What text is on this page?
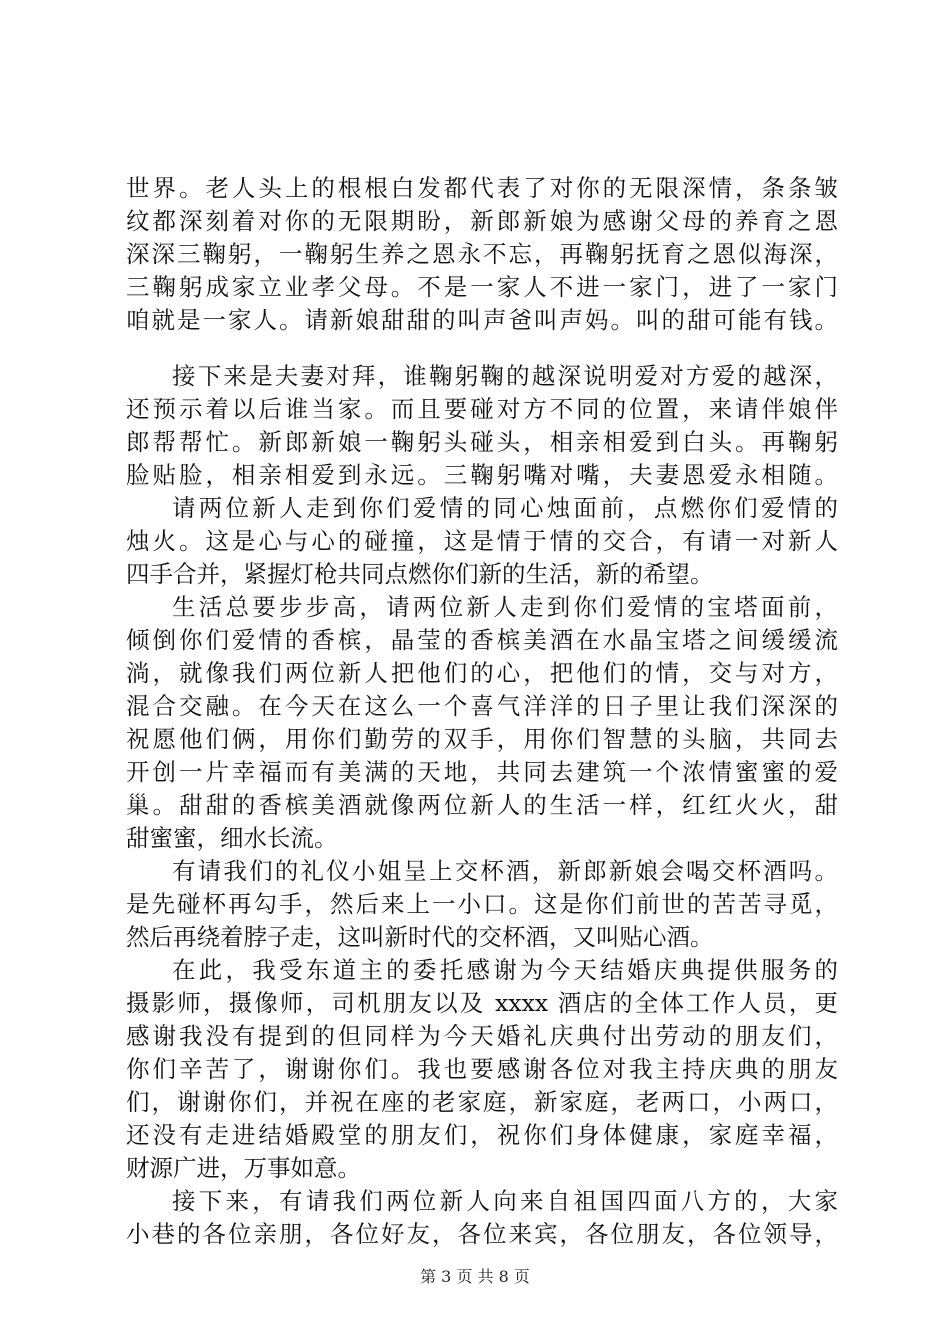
世界。老人头上的根根白发都代表了对你的无限深情，条条皱
纹都深刻着对你的无限期盼，新郎新娘为感谢父母的养育之恩
深深三鞠躬，一鞠躬生养之恩永不忘，再鞠躬抚育之恩似海深，
三鞠躬成家立业孝父母。不是一家人不进一家门，进了一家门
咱就是一家人。请新娘甜甜的叫声爸叫声妈。叫的甜可能有钱。
接下来是夫妻对拜，谁鞠躬鞠的越深说明爱对方爱的越深，
还预示着以后谁当家。而且要碰对方不同的位置，来请伴娘伴
郎帮帮忙。新郎新娘一鞠躬头碰头，相亲相爱到白头。再鞠躬
脸贴脸，相亲相爱到永远。三鞠躬嘴对嘴，夫妻恩爱永相随。
请两位新人走到你们爱情的同心烛面前，点燃你们爱情的
烛火。这是心与心的碰撞，这是情于情的交合，有请一对新人
四手合并，紧握灯枪共同点燃你们新的生活，新的希望。
生活总要步步高，请两位新人走到你们爱情的宝塔面前，
倾倒你们爱情的香槟，晶莹的香槟美酒在水晶宝塔之间缓缓流
淌，就像我们两位新人把他们的心，把他们的情，交与对方，
混合交融。在今天在这么一个喜气洋洋的日子里让我们深深的
祝愿他们俩，用你们勤劳的双手，用你们智慧的头脑，共同去
开创一片幸福而有美满的天地，共同去建筑一个浓情蜜蜜的爱
巢。甜甜的香槟美酒就像两位新人的生活一样，红红火火，甜
甜蜜蜜，细水长流。
有请我们的礼仪小姐呈上交杯酒，新郎新娘会喝交杯酒吗。
是先碰杯再勾手，然后来上一小口。这是你们前世的苦苦寻觅，
然后再绕着脖子走，这叫新时代的交杯酒，又叫贴心酒。
在此，我受东道主的委托感谢为今天结婚庆典提供服务的
摄影师，摄像师，司机朋友以及 xxxx 酒店的全体工作人员，更
感谢我没有提到的但同样为今天婚礼庆典付出劳动的朋友们，
你们辛苦了，谢谢你们。我也要感谢各位对我主持庆典的朋友
们，谢谢你们，并祝在座的老家庭，新家庭，老两口，小两口，
还没有走进结婚殿堂的朋友们，祝你们身体健康，家庭幸福，
财源广进，万事如意。
接下来，有请我们两位新人向来自祖国四面八方的，大家
小巷的各位亲朋，各位好友，各位来宾，各位朋友，各位领导，
第 3 页 共 8 页
